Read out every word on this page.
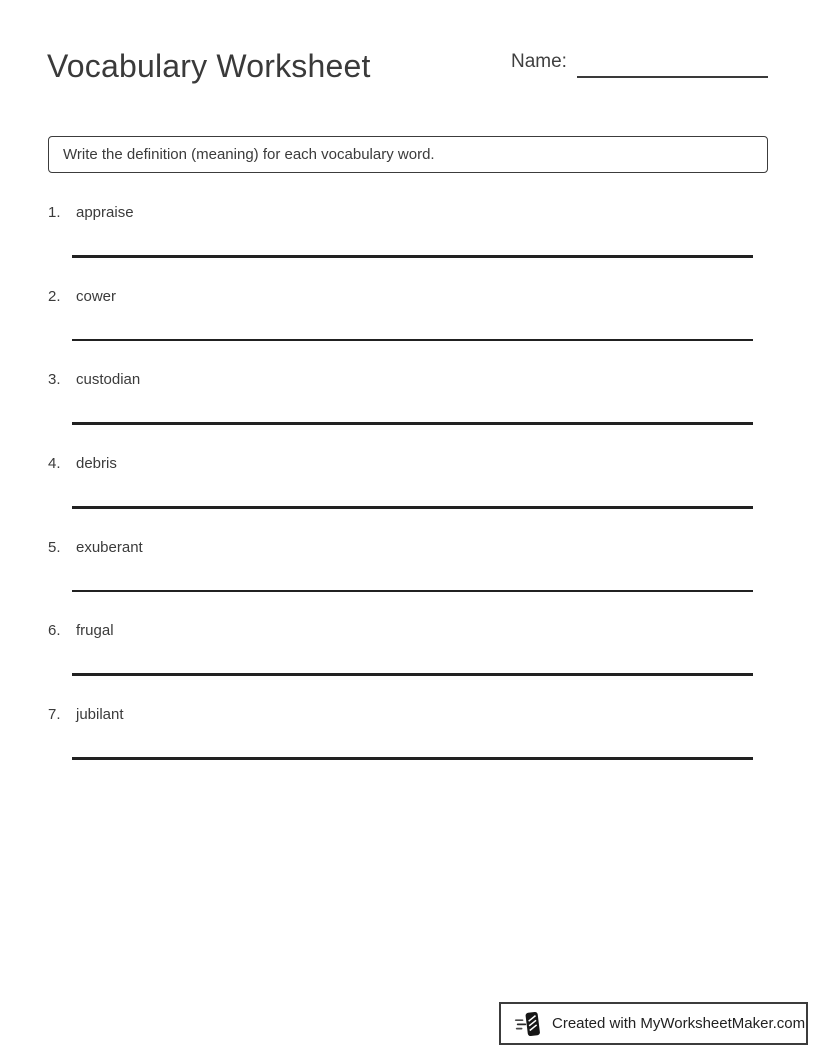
Vocabulary Worksheet	Name:
Write the definition (meaning) for each vocabulary word.
1. appraise
2. cower
3. custodian
4. debris
5. exuberant
6. frugal
7. jubilant
Created with MyWorksheetMaker.com
